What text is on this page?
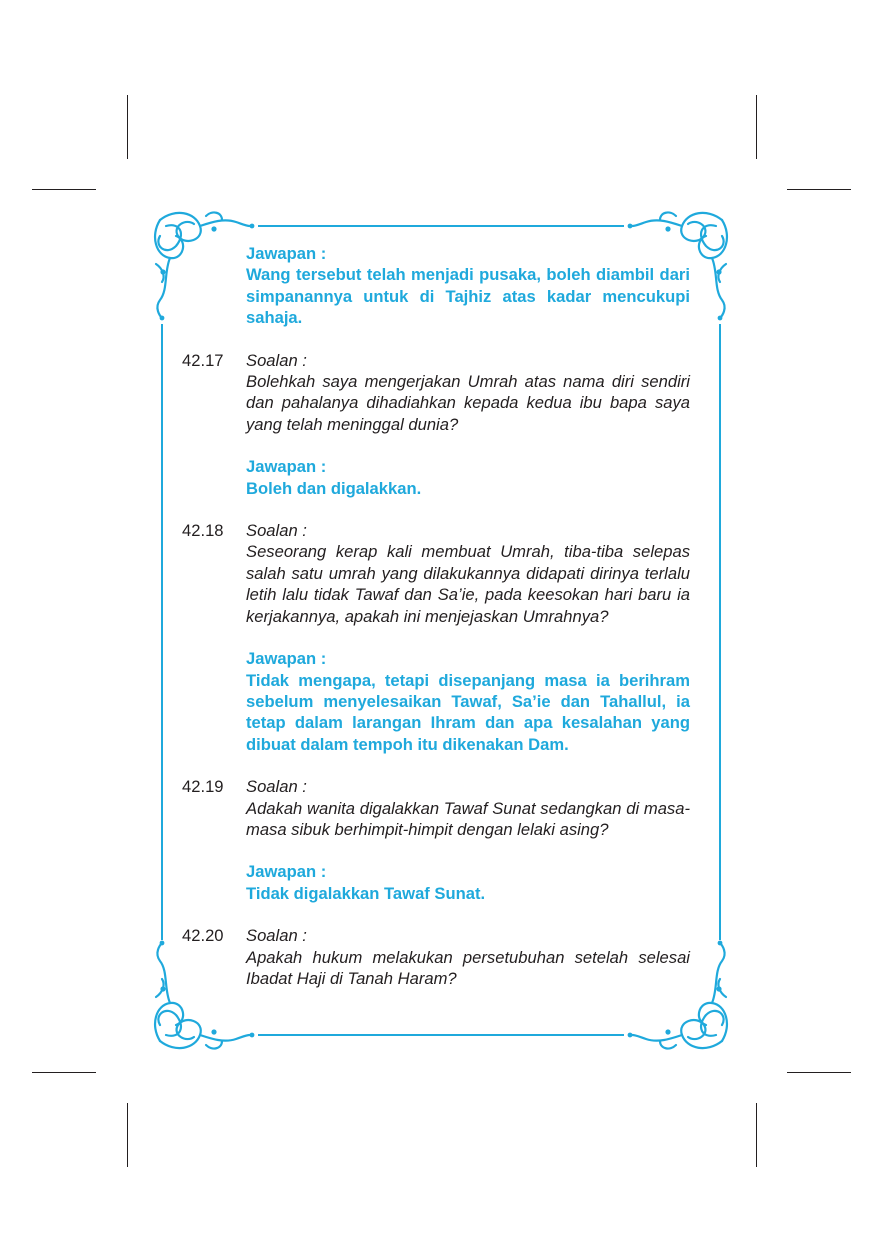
Jawapan :
Wang tersebut telah menjadi pusaka, boleh diambil dari simpanannya untuk di Tajhiz atas kadar mencukupi sahaja.
42.17	Soalan :
Bolehkah saya mengerjakan Umrah atas nama diri sendiri dan pahalanya dihadiahkan kepada kedua ibu bapa saya yang telah meninggal dunia?
Jawapan :
Boleh dan digalakkan.
42.18	Soalan :
Seseorang kerap kali membuat Umrah, tiba-tiba selepas salah satu umrah yang dilakukannya didapati dirinya terlalu letih lalu tidak Tawaf dan Sa’ie, pada keesokan hari baru ia kerjakannya, apakah ini menjejaskan Umrahnya?
Jawapan :
Tidak mengapa, tetapi disepanjang masa ia berihram sebelum menyelesaikan Tawaf, Sa’ie dan Tahallul, ia tetap dalam larangan Ihram dan apa kesalahan yang dibuat dalam tempoh itu dikenakan Dam.
42.19	Soalan :
Adakah wanita digalakkan Tawaf Sunat sedangkan di masa-masa sibuk berhimpit-himpit dengan lelaki asing?
Jawapan :
Tidak digalakkan Tawaf Sunat.
42.20	Soalan :
Apakah hukum melakukan persetubuhan setelah selesai Ibadat Haji di Tanah Haram?
